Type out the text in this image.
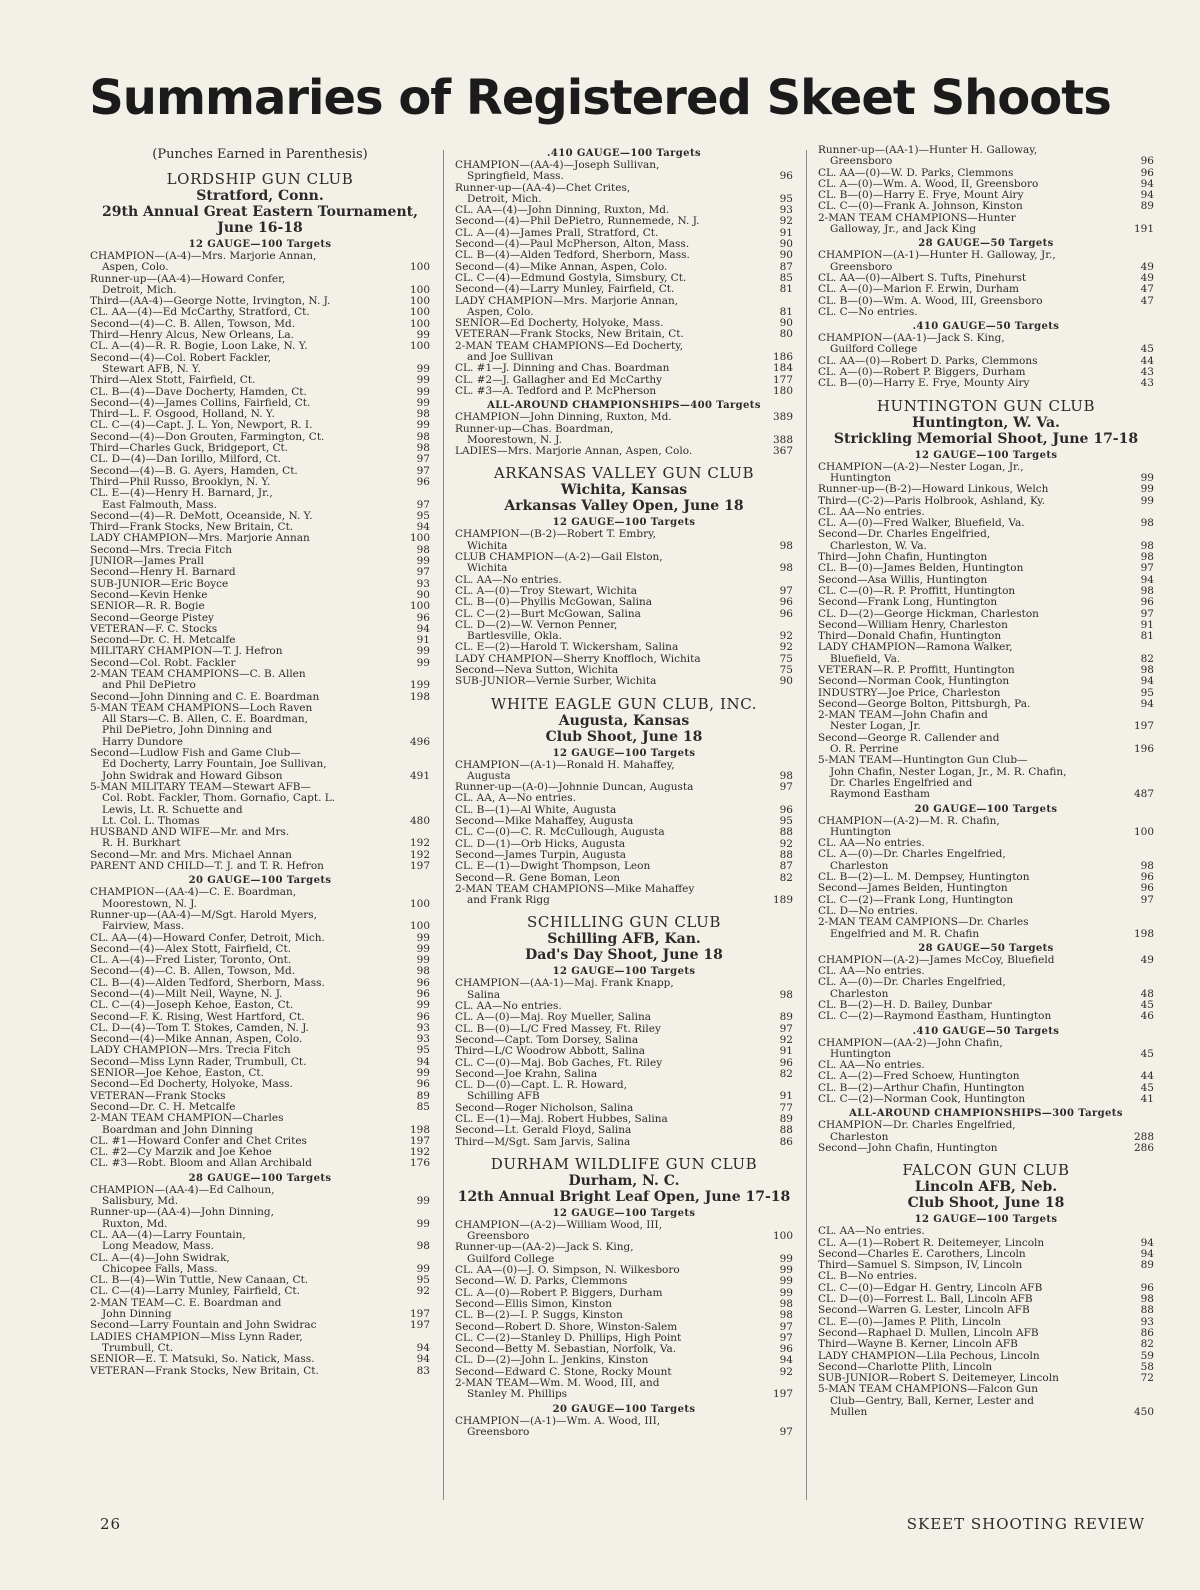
Summaries of Registered Skeet Shoots
(Punches Earned in Parenthesis)
LORDSHIP GUN CLUB
Stratford, Conn.
29th Annual Great Eastern Tournament,
June 16-18
12 GAUGE—100 Targets
CHAMPION—(A-4)—Mrs. Marjorie Annan,
Aspen, Colo.	100
Runner-up—(AA-4)—Howard Confer,
Detroit, Mich.	100
Third—(AA-4)—George Notte, Irvington, N. J.	100
CL. AA—(4)—Ed McCarthy, Stratford, Ct.	100
Second—(4)—C. B. Allen, Towson, Md.	100
Third—Henry Alcus, New Orleans, La.	99
CL. A—(4)—R. R. Bogie, Loon Lake, N. Y.	100
Second—(4)—Col. Robert Fackler,
Stewart AFB, N. Y.	99
Third—Alex Stott, Fairfield, Ct.	99
CL. B—(4)—Dave Docherty, Hamden, Ct.	99
Second—(4)—James Collins, Fairfield, Ct.	99
Third—L. F. Osgood, Holland, N. Y.	98
CL. C—(4)—Capt. J. L. Yon, Newport, R. I.	99
Second—(4)—Don Grouten, Farmington, Ct.	98
Third—Charles Guck, Bridgeport, Ct.	98
CL. D—(4)—Dan Iorillo, Milford, Ct.	97
Second—(4)—B. G. Ayers, Hamden, Ct.	97
Third—Phil Russo, Brooklyn, N. Y.	96
CL. E—(4)—Henry H. Barnard, Jr.,
East Falmouth, Mass.	97
Second—(4)—R. DeMott, Oceanside, N. Y.	95
Third—Frank Stocks, New Britain, Ct.	94
LADY CHAMPION—Mrs. Marjorie Annan	100
Second—Mrs. Trecia Fitch	98
JUNIOR—James Prall	99
Second—Henry H. Barnard	97
SUB-JUNIOR—Eric Boyce	93
Second—Kevin Henke	90
SENIOR—R. R. Bogie	100
Second—George Pistey	96
VETERAN—F. C. Stocks	94
Second—Dr. C. H. Metcalfe	91
MILITARY CHAMPION—T. J. Hefron	99
Second—Col. Robt. Fackler	99
2-MAN TEAM CHAMPIONS—C. B. Allen
and Phil DePietro	199
Second—John Dinning and C. E. Boardman	198
5-MAN TEAM CHAMPIONS—Loch Raven
All Stars—C. B. Allen, C. E. Boardman,
Phil DePietro, John Dinning and
Harry Dundore	496
Second—Ludlow Fish and Game Club—
Ed Docherty, Larry Fountain, Joe Sullivan,
John Swidrak and Howard Gibson	491
5-MAN MILITARY TEAM—Stewart AFB—
Col. Robt. Fackler, Thom. Gornafio, Capt. L.
Lewis, Lt. R. Schuette and
Lt. Col. L. Thomas	480
HUSBAND AND WIFE—Mr. and Mrs.
R. H. Burkhart	192
Second—Mr. and Mrs. Michael Annan	192
PARENT AND CHILD—T. J. and T. R. Hefron	197
20 GAUGE—100 Targets
CHAMPION—(AA-4)—C. E. Boardman,
Moorestown, N. J.	100
Runner-up—(AA-4)—M/Sgt. Harold Myers,
Fairview, Mass.	100
CL. AA—(4)—Howard Confer, Detroit, Mich.	99
Second—(4)—Alex Stott, Fairfield, Ct.	99
CL. A—(4)—Fred Lister, Toronto, Ont.	99
Second—(4)—C. B. Allen, Towson, Md.	98
CL. B—(4)—Alden Tedford, Sherborn, Mass.	96
Second—(4)—Milt Neil, Wayne, N. J.	96
CL. C—(4)—Joseph Kehoe, Easton, Ct.	99
Second—F. K. Rising, West Hartford, Ct.	96
CL. D—(4)—Tom T. Stokes, Camden, N. J.	93
Second—(4)—Mike Annan, Aspen, Colo.	93
LADY CHAMPION—Mrs. Trecia Fitch	95
Second—Miss Lynn Rader, Trumbull, Ct.	94
SENIOR—Joe Kehoe, Easton, Ct.	99
Second—Ed Docherty, Holyoke, Mass.	96
VETERAN—Frank Stocks	89
Second—Dr. C. H. Metcalfe	85
2-MAN TEAM CHAMPION—Charles
Boardman and John Dinning	198
CL. #1—Howard Confer and Chet Crites	197
CL. #2—Cy Marzik and Joe Kehoe	192
CL. #3—Robt. Bloom and Allan Archibald	176
28 GAUGE—100 Targets
CHAMPION—(AA-4)—Ed Calhoun,
Salisbury, Md.	99
Runner-up—(AA-4)—John Dinning,
Ruxton, Md.	99
CL. AA—(4)—Larry Fountain,
Long Meadow, Mass.	98
CL. A—(4)—John Swidrak,
Chicopee Falls, Mass.	99
CL. B—(4)—Win Tuttle, New Canaan, Ct.	95
CL. C—(4)—Larry Munley, Fairfield, Ct.	92
2-MAN TEAM—C. E. Boardman and
John Dinning	197
Second—Larry Fountain and John Swidrac	197
LADIES CHAMPION—Miss Lynn Rader,
Trumbull, Ct.	94
SENIOR—E. T. Matsuki, So. Natick, Mass.	94
VETERAN—Frank Stocks, New Britain, Ct.	83
.410 GAUGE—100 Targets
CHAMPION—(AA-4)—Joseph Sullivan,
Springfield, Mass.	96
Runner-up—(AA-4)—Chet Crites,
Detroit, Mich.	95
CL. AA—(4)—John Dinning, Ruxton, Md.	93
Second—(4)—Phil DePietro, Runnemede, N. J.	92
CL. A—(4)—James Prall, Stratford, Ct.	91
Second—(4)—Paul McPherson, Alton, Mass.	90
CL. B—(4)—Alden Tedford, Sherborn, Mass.	90
Second—(4)—Mike Annan, Aspen, Colo.	87
CL. C—(4)—Edmund Gostyla, Simsbury, Ct.	85
Second—(4)—Larry Munley, Fairfield, Ct.	81
LADY CHAMPION—Mrs. Marjorie Annan,
Aspen, Colo.	81
SENIOR—Ed Docherty, Holyoke, Mass.	90
VETERAN—Frank Stocks, New Britain, Ct.	80
2-MAN TEAM CHAMPIONS—Ed Docherty,
and Joe Sullivan	186
CL. #1—J. Dinning and Chas. Boardman	184
CL. #2—J. Gallagher and Ed McCarthy	177
CL. #3—A. Tedford and P. McPherson	180
ALL-AROUND CHAMPIONSHIPS—400 Targets
CHAMPION—John Dinning, Ruxton, Md.	389
Runner-up—Chas. Boardman,
Moorestown, N. J.	388
LADIES—Mrs. Marjorie Annan, Aspen, Colo.	367
ARKANSAS VALLEY GUN CLUB
Wichita, Kansas
Arkansas Valley Open, June 18
12 GAUGE—100 Targets
CHAMPION—(B-2)—Robert T. Embry,
Wichita	98
CLUB CHAMPION—(A-2)—Gail Elston,
Wichita	98
CL. AA—No entries.
CL. A—(0)—Troy Stewart, Wichita	97
CL. B—(0)—Phyllis McGowan, Salina	96
CL. C—(2)—Burt McGowan, Salina	96
CL. D—(2)—W. Vernon Penner,
Bartlesville, Okla.	92
CL. E—(2)—Harold T. Wickersham, Salina	92
LADY CHAMPION—Sherry Knoffloch, Wichita	75
Second—Neva Sutton, Wichita	75
SUB-JUNIOR—Vernie Surber, Wichita	90
WHITE EAGLE GUN CLUB, INC.
Augusta, Kansas
Club Shoot, June 18
12 GAUGE—100 Targets
CHAMPION—(A-1)—Ronald H. Mahaffey,
Augusta	98
Runner-up—(A-0)—Johnnie Duncan, Augusta	97
CL. AA, A—No entries.
CL. B—(1)—Al White, Augusta	96
Second—Mike Mahaffey, Augusta	95
CL. C—(0)—C. R. McCullough, Augusta	88
CL. D—(1)—Orb Hicks, Augusta	92
Second—James Turpin, Augusta	88
CL. E—(1)—Dwight Thompson, Leon	87
Second—R. Gene Boman, Leon	82
2-MAN TEAM CHAMPIONS—Mike Mahaffey
and Frank Rigg	189
SCHILLING GUN CLUB
Schilling AFB, Kan.
Dad's Day Shoot, June 18
12 GAUGE—100 Targets
CHAMPION—(AA-1)—Maj. Frank Knapp,
Salina	98
CL. AA—No entries.
CL. A—(0)—Maj. Roy Mueller, Salina	89
CL. B—(0)—L/C Fred Massey, Ft. Riley	97
Second—Capt. Tom Dorsey, Salina	92
Third—L/C Woodrow Abbott, Salina	91
CL. C—(0)—Maj. Bob Gaches, Ft. Riley	96
Second—Joe Krahn, Salina	82
CL. D—(0)—Capt. L. R. Howard,
Schilling AFB	91
Second—Roger Nicholson, Salina	77
CL. E—(1)—Maj. Robert Hubbes, Salina	89
Second—Lt. Gerald Floyd, Salina	88
Third—M/Sgt. Sam Jarvis, Salina	86
DURHAM WILDLIFE GUN CLUB
Durham, N. C.
12th Annual Bright Leaf Open, June 17-18
12 GAUGE—100 Targets
CHAMPION—(A-2)—William Wood, III,
Greensboro	100
Runner-up—(AA-2)—Jack S. King,
Guilford College	99
CL. AA—(0)—J. O. Simpson, N. Wilkesboro	99
Second—W. D. Parks, Clemmons	99
CL. A—(0)—Robert P. Biggers, Durham	99
Second—Ellis Simon, Kinston	98
CL. B—(2)—I. P. Suggs, Kinston	98
Second—Robert D. Shore, Winston-Salem	97
CL. C—(2)—Stanley D. Phillips, High Point	97
Second—Betty M. Sebastian, Norfolk, Va.	96
CL. D—(2)—John L. Jenkins, Kinston	94
Second—Edward C. Stone, Rocky Mount	92
2-MAN TEAM—Wm. M. Wood, III, and
Stanley M. Phillips	197
20 GAUGE—100 Targets
CHAMPION—(A-1)—Wm. A. Wood, III,
Greensboro	97
Runner-up—(AA-1)—Hunter H. Galloway,
Greensboro	96
CL. AA—(0)—W. D. Parks, Clemmons	96
CL. A—(0)—Wm. A. Wood, II, Greensboro	94
CL. B—(0)—Harry E. Frye, Mount Airy	94
CL. C—(0)—Frank A. Johnson, Kinston	89
2-MAN TEAM CHAMPIONS—Hunter
Galloway, Jr., and Jack King	191
28 GAUGE—50 Targets
CHAMPION—(A-1)—Hunter H. Galloway, Jr.,
Greensboro	49
CL. AA—(0)—Albert S. Tufts, Pinehurst	49
CL. A—(0)—Marion F. Erwin, Durham	47
CL. B—(0)—Wm. A. Wood, III, Greensboro	47
CL. C—No entries.
.410 GAUGE—50 Targets
CHAMPION—(AA-1)—Jack S. King,
Guilford College	45
CL. AA—(0)—Robert D. Parks, Clemmons	44
CL. A—(0)—Robert P. Biggers, Durham	43
CL. B—(0)—Harry E. Frye, Mounty Airy	43
HUNTINGTON GUN CLUB
Huntington, W. Va.
Strickling Memorial Shoot, June 17-18
12 GAUGE—100 Targets
CHAMPION—(A-2)—Nester Logan, Jr.,
Huntington	99
Runner-up—(B-2)—Howard Linkous, Welch	99
Third—(C-2)—Paris Holbrook, Ashland, Ky.	99
CL. AA—No entries.
CL. A—(0)—Fred Walker, Bluefield, Va.	98
Second—Dr. Charles Engelfried,
Charleston, W. Va.	98
Third—John Chafin, Huntington	98
CL. B—(0)—James Belden, Huntington	97
Second—Asa Willis, Huntington	94
CL. C—(0)—R. P. Proffitt, Huntington	98
Second—Frank Long, Huntington	96
CL. D—(2)—George Hickman, Charleston	97
Second—William Henry, Charleston	91
Third—Donald Chafin, Huntington	81
LADY CHAMPION—Ramona Walker,
Bluefield, Va.	82
VETERAN—R. P. Proffitt, Huntington	98
Second—Norman Cook, Huntington	94
INDUSTRY—Joe Price, Charleston	95
Second—George Bolton, Pittsburgh, Pa.	94
2-MAN TEAM—John Chafin and
Nester Logan, Jr.	197
Second—George R. Callender and
O. R. Perrine	196
5-MAN TEAM—Huntington Gun Club—
John Chafin, Nester Logan, Jr., M. R. Chafin,
Dr. Charles Engelfried and
Raymond Eastham	487
20 GAUGE—100 Targets
CHAMPION—(A-2)—M. R. Chafin,
Huntington	100
CL. AA—No entries.
CL. A—(0)—Dr. Charles Engelfried,
Charleston	98
CL. B—(2)—L. M. Dempsey, Huntington	96
Second—James Belden, Huntington	96
CL. C—(2)—Frank Long, Huntington	97
CL. D—No entries.
2-MAN TEAM CAMPIONS—Dr. Charles
Engelfried and M. R. Chafin	198
28 GAUGE—50 Targets
CHAMPION—(A-2)—James McCoy, Bluefield	49
CL. AA—No entries.
CL. A—(0)—Dr. Charles Engelfried,
Charleston	48
CL. B—(2)—H. D. Bailey, Dunbar	45
CL. C—(2)—Raymond Eastham, Huntington	46
.410 GAUGE—50 Targets
CHAMPION—(AA-2)—John Chafin,
Huntington	45
CL. AA—No entries.
CL. A—(2)—Fred Schoew, Huntington	44
CL. B—(2)—Arthur Chafin, Huntington	45
CL. C—(2)—Norman Cook, Huntington	41
ALL-AROUND CHAMPIONSHIPS—300 Targets
CHAMPION—Dr. Charles Engelfried,
Charleston	288
Second—John Chafin, Huntington	286
FALCON GUN CLUB
Lincoln AFB, Neb.
Club Shoot, June 18
12 GAUGE—100 Targets
CL. AA—No entries.
CL. A—(1)—Robert R. Deitemeyer, Lincoln	94
Second—Charles E. Carothers, Lincoln	94
Third—Samuel S. Simpson, IV, Lincoln	89
CL. B—No entries.
CL. C—(0)—Edgar H. Gentry, Lincoln AFB	96
CL. D—(0)—Forrest L. Ball, Lincoln AFB	98
Second—Warren G. Lester, Lincoln AFB	88
CL. E—(0)—James P. Plith, Lincoln	93
Second—Raphael D. Mullen, Lincoln AFB	86
Third—Wayne B. Kerner, Lincoln AFB	82
LADY CHAMPION—Lila Pechous, Lincoln	59
Second—Charlotte Plith, Lincoln	58
SUB-JUNIOR—Robert S. Deitemeyer, Lincoln	72
5-MAN TEAM CHAMPIONS—Falcon Gun
Club—Gentry, Ball, Kerner, Lester and
Mullen	450
26	SKEET SHOOTING REVIEW
